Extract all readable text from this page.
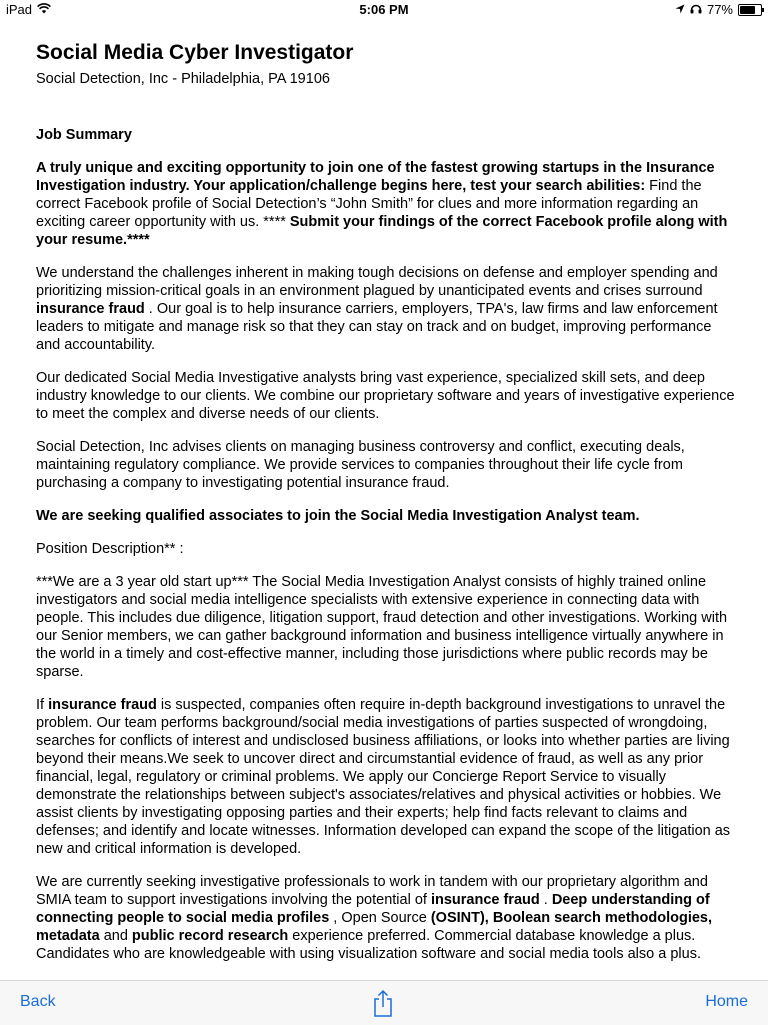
iPad	5:06 PM	77%
Social Media Cyber Investigator
Social Detection, Inc - Philadelphia, PA 19106
Job Summary

A truly unique and exciting opportunity to join one of the fastest growing startups in the Insurance Investigation industry. Your application/challenge begins here, test your search abilities: Find the correct Facebook profile of Social Detection’s “John Smith” for clues and more information regarding an exciting career opportunity with us. **** Submit your findings of the correct Facebook profile along with your resume.****

We understand the challenges inherent in making tough decisions on defense and employer spending and prioritizing mission-critical goals in an environment plagued by unanticipated events and crises surround insurance fraud . Our goal is to help insurance carriers, employers, TPA's, law firms and law enforcement leaders to mitigate and manage risk so that they can stay on track and on budget, improving performance and accountability.

Our dedicated Social Media Investigative analysts bring vast experience, specialized skill sets, and deep industry knowledge to our clients. We combine our proprietary software and years of investigative experience to meet the complex and diverse needs of our clients.

Social Detection, Inc advises clients on managing business controversy and conflict, executing deals, maintaining regulatory compliance. We provide services to companies throughout their life cycle from purchasing a company to investigating potential insurance fraud.

We are seeking qualified associates to join the Social Media Investigation Analyst team.

Position Description** :

***We are a 3 year old start up*** The Social Media Investigation Analyst consists of highly trained online investigators and social media intelligence specialists with extensive experience in connecting data with people. This includes due diligence, litigation support, fraud detection and other investigations. Working with our Senior members, we can gather background information and business intelligence virtually anywhere in the world in a timely and cost-effective manner, including those jurisdictions where public records may be sparse.

If insurance fraud is suspected, companies often require in-depth background investigations to unravel the problem. Our team performs background/social media investigations of parties suspected of wrongdoing, searches for conflicts of interest and undisclosed business affiliations, or looks into whether parties are living beyond their means.We seek to uncover direct and circumstantial evidence of fraud, as well as any prior financial, legal, regulatory or criminal problems. We apply our Concierge Report Service to visually demonstrate the relationships between subject's associates/relatives and physical activities or hobbies. We assist clients by investigating opposing parties and their experts; help find facts relevant to claims and defenses; and identify and locate witnesses. Information developed can expand the scope of the litigation as new and critical information is developed.

We are currently seeking investigative professionals to work in tandem with our proprietary algorithm and SMIA team to support investigations involving the potential of insurance fraud . Deep understanding of connecting people to social media profiles , Open Source (OSINT), Boolean search methodologies, metadata and public record research experience preferred. Commercial database knowledge a plus. Candidates who are knowledgeable with using visualization software and social media tools also a plus.

Back	Home
